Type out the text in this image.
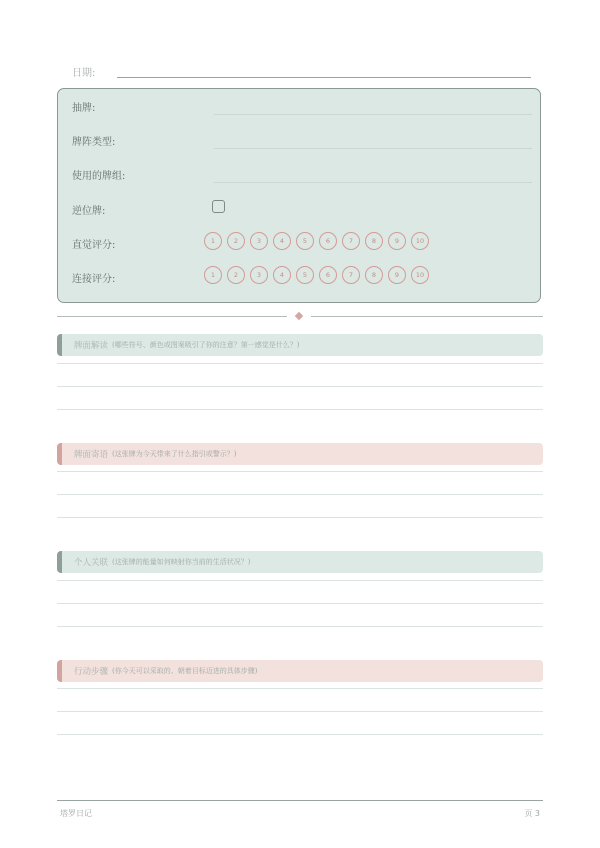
日期:
抽牌:
牌阵类型:
使用的牌组:
逆位牌:
直觉评分:	1	2	3	4	5	6	7	8	9	10
连接评分:	1	2	3	4	5	6	7	8	9	10
牌面解读 (哪些符号、颜色或图案吸引了你的注意？第一感觉是什么？)
牌面寄语 (这张牌为今天带来了什么指引或警示？)
个人关联 (这张牌的能量如何映射你当前的生活状况？)
行动步骤 (你今天可以采取的、朝着目标迈进的具体步骤)
塔罗日记	页 3
